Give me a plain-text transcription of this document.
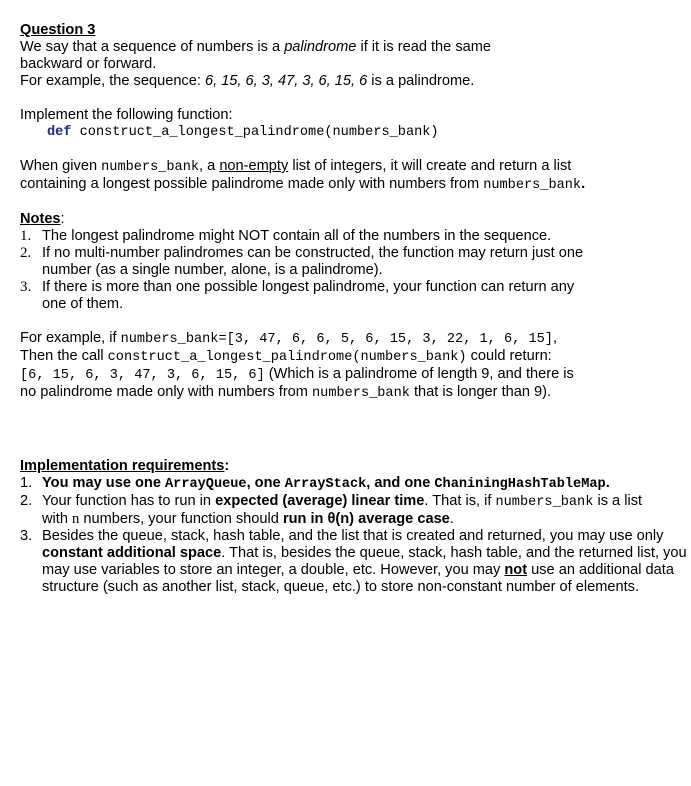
Question 3

We say that a sequence of numbers is a palindrome if it is read the same backward or forward.

For example, the sequence: 6, 15, 6, 3, 47, 3, 6, 15, 6 is a palindrome.

Implement the following function:

def construct_a_longest_palindrome(numbers_bank)

When given numbers_bank, a non-empty list of integers, it will create and return a list containing a longest possible palindrome made only with numbers from numbers_bank.

Notes:

1. The longest palindrome might NOT contain all of the numbers in the sequence.
2. If no multi-number palindromes can be constructed, the function may return just one number (as a single number, alone, is a palindrome).
3. If there is more than one possible longest palindrome, your function can return any one of them.

For example, if numbers_bank=[3, 47, 6, 6, 5, 6, 15, 3, 22, 1, 6, 15],

Then the call construct_a_longest_palindrome(numbers_bank) could return:

[6, 15, 6, 3, 47, 3, 6, 15, 6] (Which is a palindrome of length 9, and there is no palindrome made only with numbers from numbers_bank that is longer than 9).

Implementation requirements:

1. You may use one ArrayQueue, one ArrayStack, and one ChaniningHashTableMap.
2. Your function has to run in expected (average) linear time. That is, if numbers_bank is a list with n numbers, your function should run in θ(n) average case.
3. Besides the queue, stack, hash table, and the list that is created and returned, you may use only constant additional space. That is, besides the queue, stack, hash table, and the returned list, you may use variables to store an integer, a double, etc. However, you may not use an additional data structure (such as another list, stack, queue, etc.) to store non-constant number of elements.
